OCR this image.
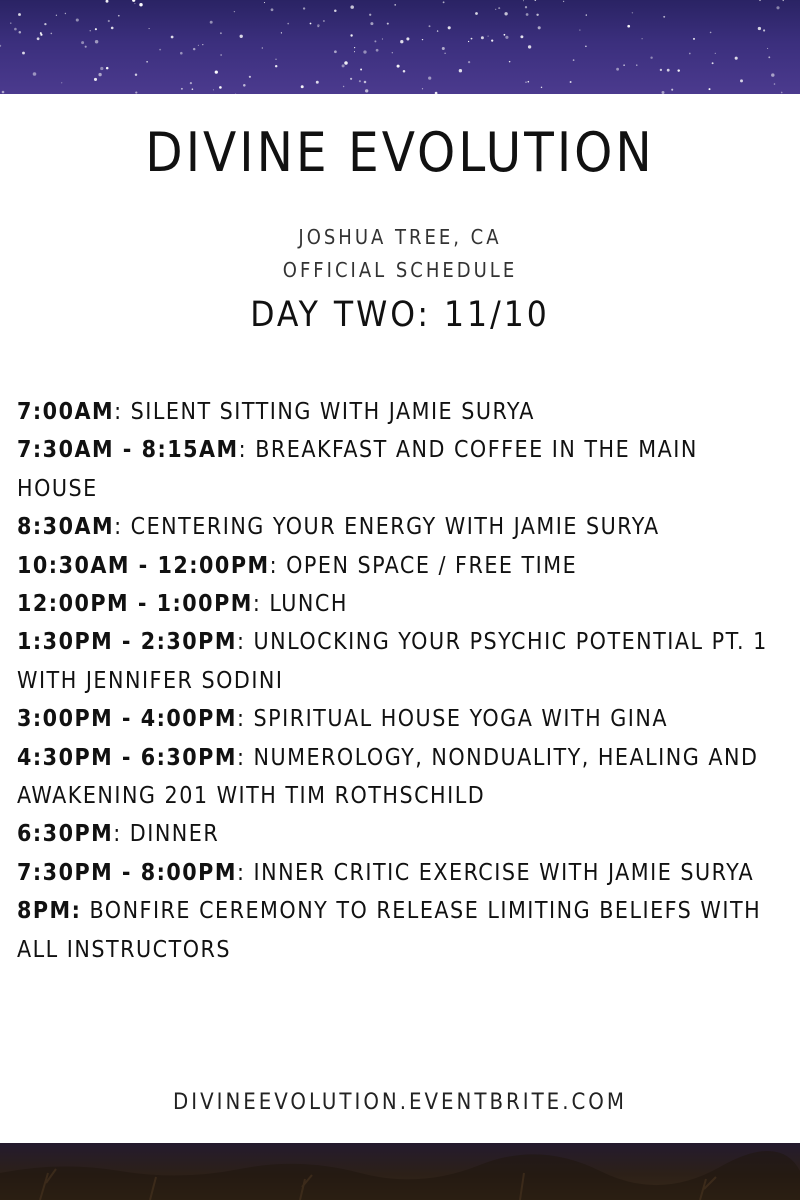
DIVINE EVOLUTION
JOSHUA TREE, CA
OFFICIAL SCHEDULE
DAY TWO: 11/10
7:00AM: SILENT SITTING WITH JAMIE SURYA
7:30AM - 8:15AM: BREAKFAST AND COFFEE IN THE MAIN HOUSE
8:30AM: CENTERING YOUR ENERGY WITH JAMIE SURYA
10:30AM - 12:00PM: OPEN SPACE / FREE TIME
12:00PM - 1:00PM: LUNCH
1:30PM - 2:30PM: UNLOCKING YOUR PSYCHIC POTENTIAL PT. 1 WITH JENNIFER SODINI
3:00PM - 4:00PM: SPIRITUAL HOUSE YOGA WITH GINA
4:30PM - 6:30PM: NUMEROLOGY, NONDUALITY, HEALING AND AWAKENING 201 WITH TIM ROTHSCHILD
6:30PM: DINNER
7:30PM - 8:00PM: INNER CRITIC EXERCISE WITH JAMIE SURYA
8PM: BONFIRE CEREMONY TO RELEASE LIMITING BELIEFS WITH ALL INSTRUCTORS
DIVINEEVOLUTION.EVENTBRITE.COM
